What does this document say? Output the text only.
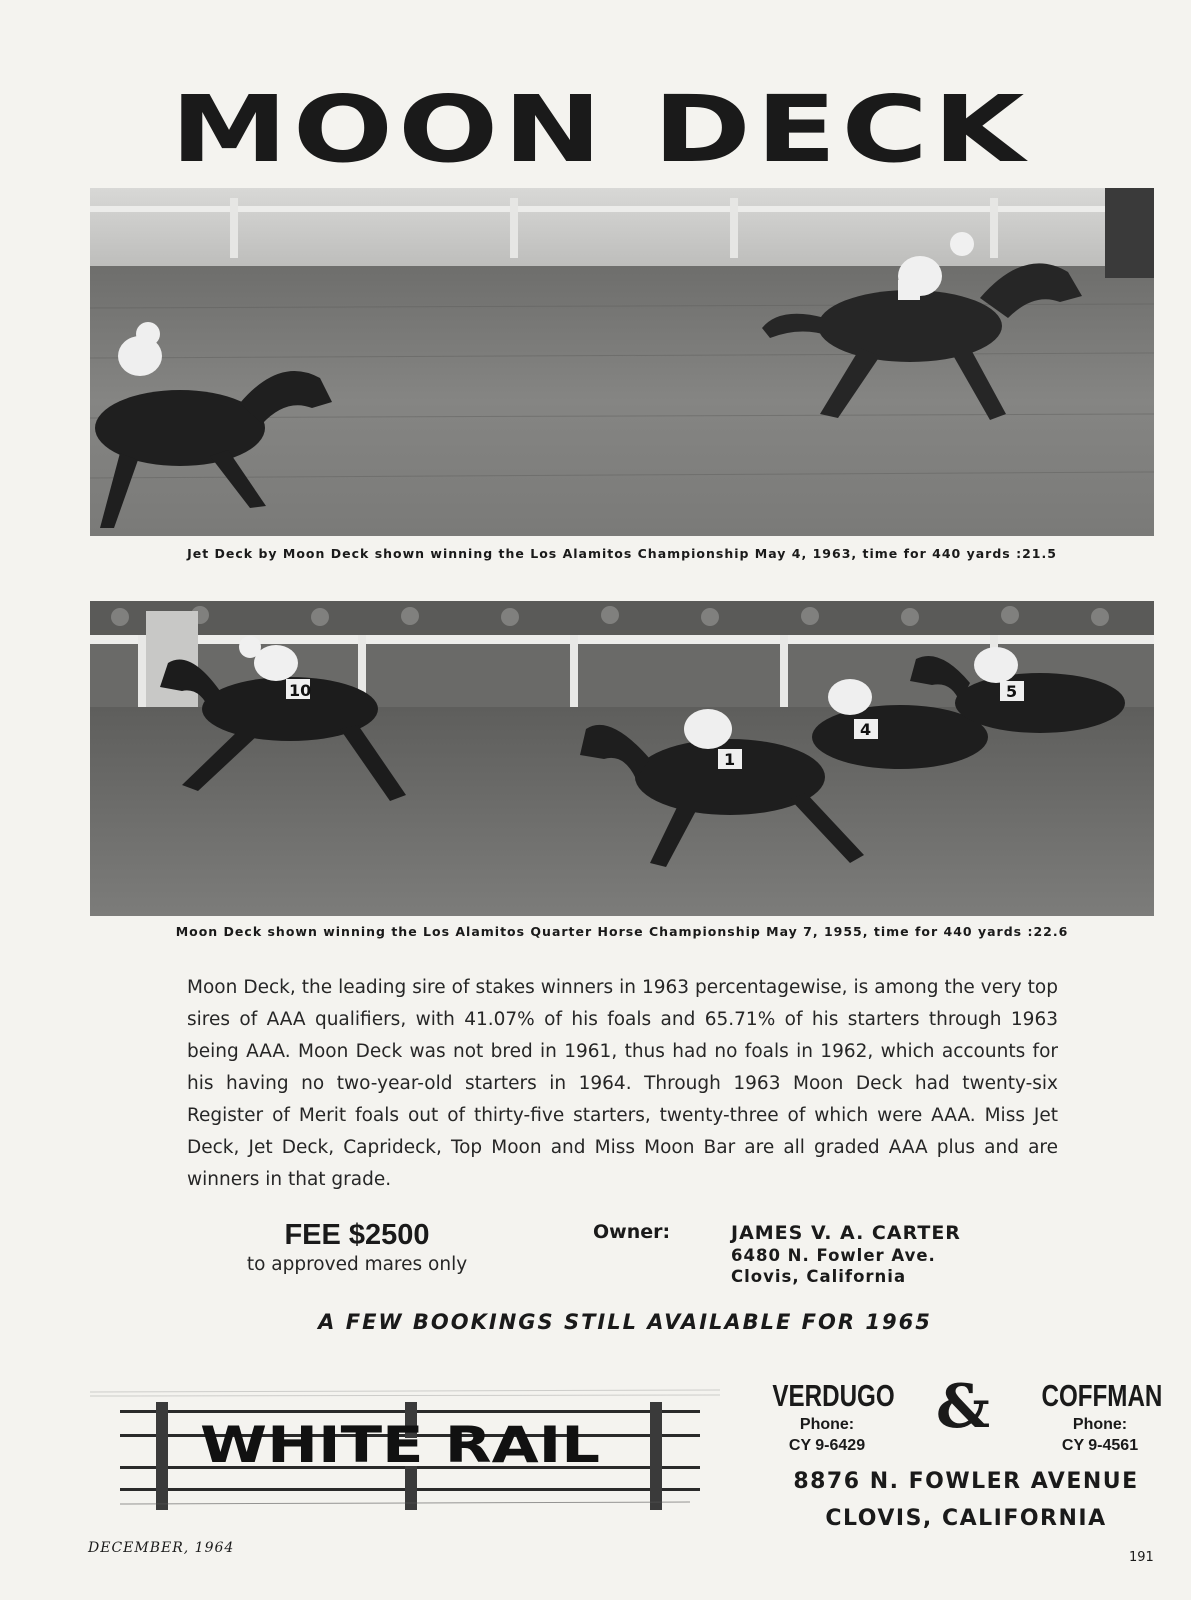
MOON DECK
Jet Deck by Moon Deck shown winning the Los Alamitos Championship May 4, 1963, time for 440 yards :21.5
10
1
4
5
Moon Deck shown winning the Los Alamitos Quarter Horse Championship May 7, 1955, time for 440 yards :22.6
Moon Deck, the leading sire of stakes winners in 1963 percentagewise, is among the very top sires of AAA qualifiers, with 41.07% of his foals and 65.71% of his starters through 1963 being AAA. Moon Deck was not bred in 1961, thus had no foals in 1962, which accounts for his having no two-year-old starters in 1964. Through 1963 Moon Deck had twenty-six Register of Merit foals out of thirty-five starters, twenty-three of which were AAA. Miss Jet Deck, Jet Deck, Caprideck, Top Moon and Miss Moon Bar are all graded AAA plus and are winners in that grade.
FEE $2500
to approved mares only
Owner:	JAMES V. A. CARTER
6480 N. Fowler Ave.
Clovis, California
A FEW BOOKINGS STILL AVAILABLE FOR 1965
WHITE RAIL
VERDUGO
Phone:
CY 9-6429
&	COFFMAN
Phone:
CY 9-4561
8876 N. FOWLER AVENUE
CLOVIS, CALIFORNIA
DECEMBER, 1964
191
